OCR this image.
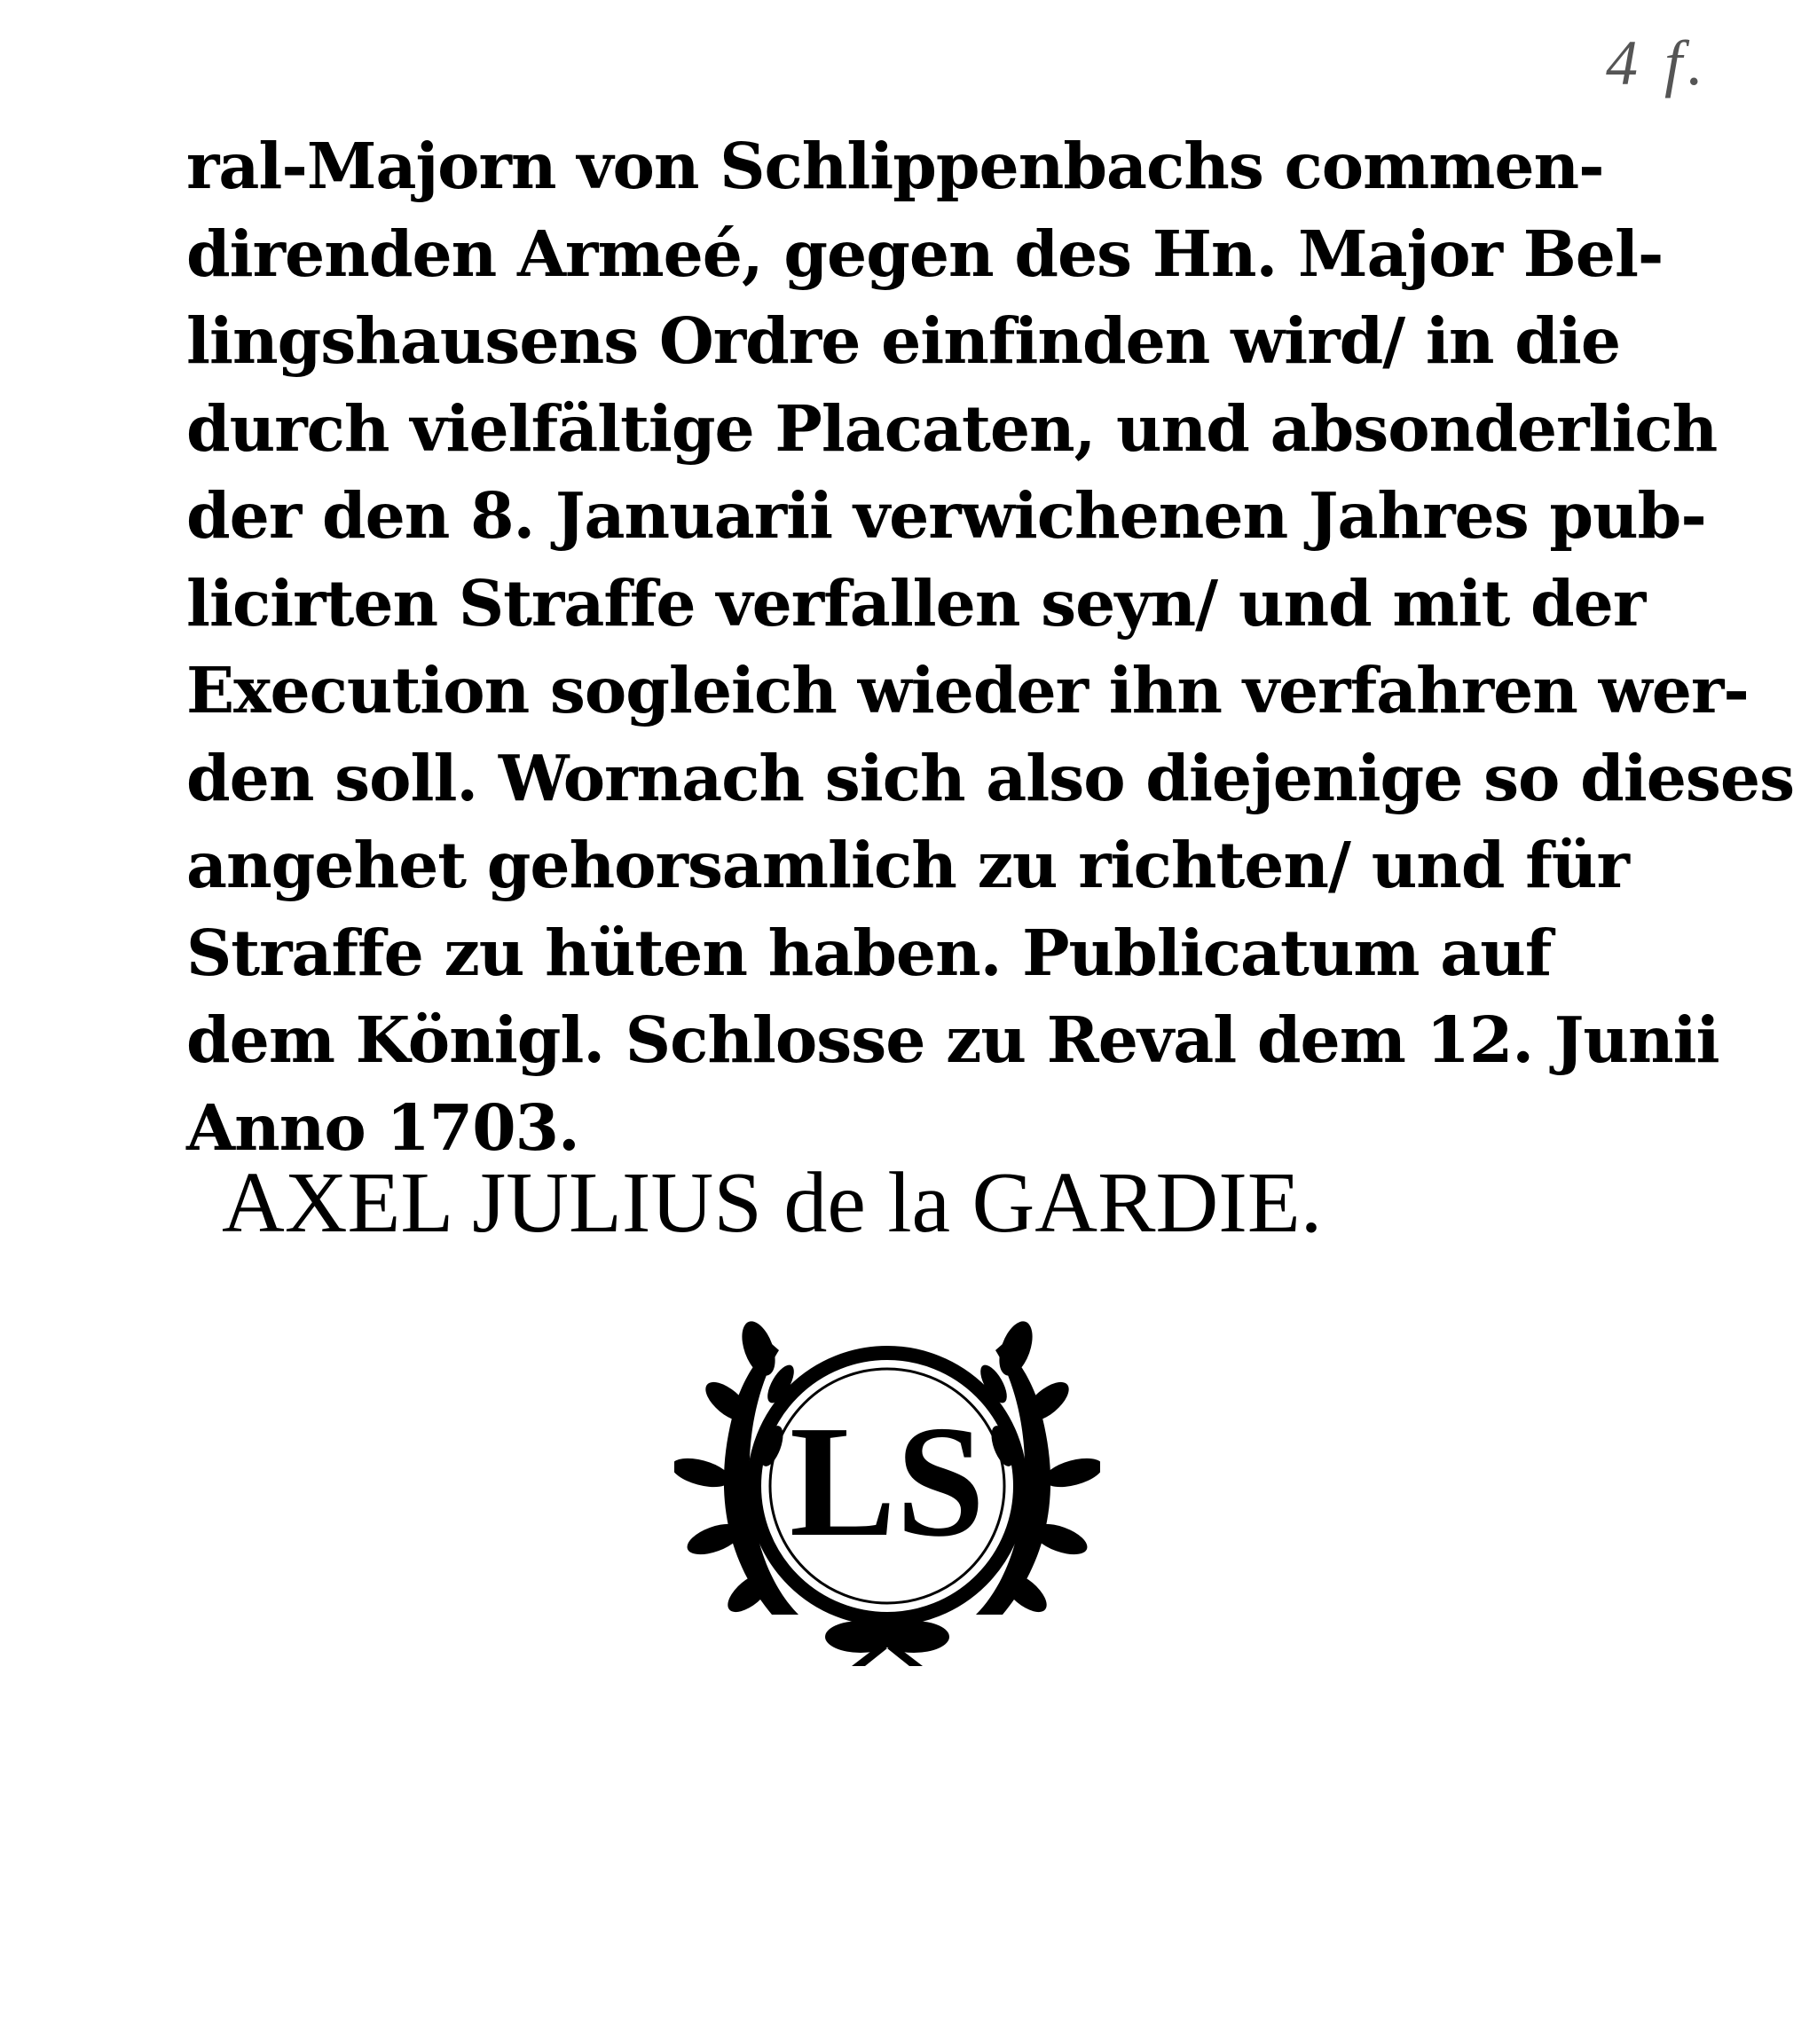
4 f.
ral-Majorn von Schlippenbachs commen-
direnden Armeé, gegen des Hn. Major Bel-
lingshausens Ordre einfinden wird/ in die
durch vielfältige Placaten, und absonderlich
der den 8. Januarii verwichenen Jahres pub-
licirten Straffe verfallen seyn/ und mit der
Execution sogleich wieder ihn verfahren wer-
den soll. Wornach sich also diejenige so dieses
angehet gehorsamlich zu richten/ und für
Straffe zu hüten haben. Publicatum auf
dem Königl. Schlosse zu Reval dem 12. Junii
Anno 1703.
AXEL JULIUS de la GARDIE.
LS
